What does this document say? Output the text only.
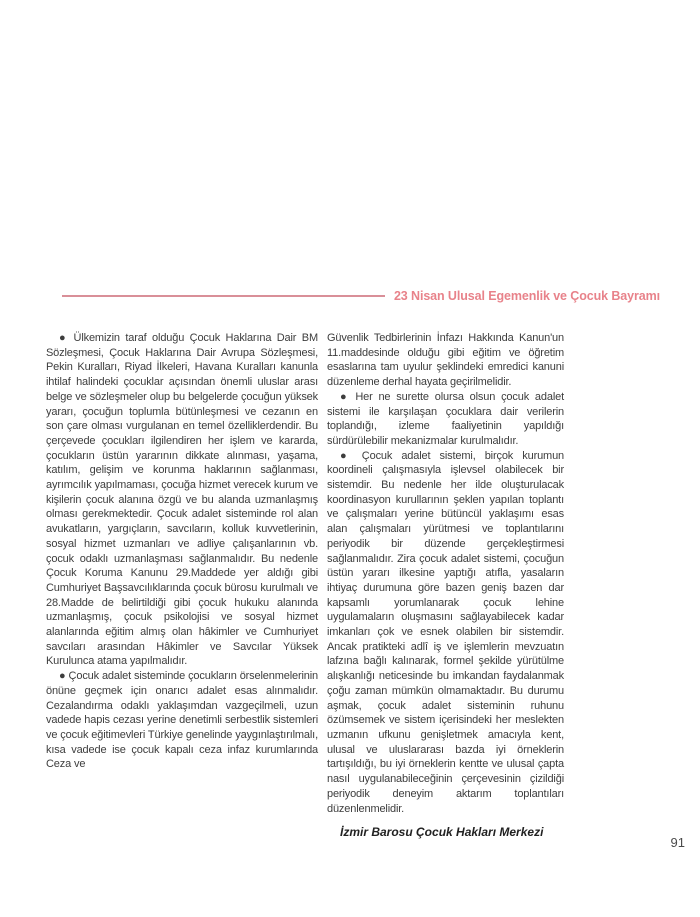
23 Nisan Ulusal Egemenlik ve Çocuk Bayramı

● Ülkemizin taraf olduğu Çocuk Haklarına Dair BM Sözleşmesi, Çocuk Haklarına Dair Avrupa Sözleşmesi, Pekin Kuralları, Riyad İlkeleri, Havana Kuralları kanunla ihtilaf halindeki çocuklar açısından önemli uluslar arası belge ve sözleşmeler olup bu belgelerde çocuğun yüksek yararı, çocuğun toplumla bütünleşmesi ve cezanın en son çare olması vurgulanan en temel özelliklerdendir. Bu çerçevede çocukları ilgilendiren her işlem ve kararda, çocukların üstün yararının dikkate alınması, yaşama, katılım, gelişim ve korunma haklarının sağlanması, ayrımcılık yapılmaması, çocuğa hizmet verecek kurum ve kişilerin çocuk alanına özgü ve bu alanda uzmanlaşmış olması gerekmektedir. Çocuk adalet sisteminde rol alan avukatların, yargıçların, savcıların, kolluk kuvvetlerinin, sosyal hizmet uzmanları ve adliye çalışanlarının vb. çocuk odaklı uzmanlaşması sağlanmalıdır. Bu nedenle Çocuk Koruma Kanunu 29.Maddede yer aldığı gibi Cumhuriyet Başsavcılıklarında çocuk bürosu kurulmalı ve 28.Madde de belirtildiği gibi çocuk hukuku alanında uzmanlaşmış, çocuk psikolojisi ve sosyal hizmet alanlarında eğitim almış olan hâkimler ve Cumhuriyet savcıları arasından Hâkimler ve Savcılar Yüksek Kurulunca atama yapılmalıdır.

● Çocuk adalet sisteminde çocukların örselenmelerinin önüne geçmek için onarıcı adalet esas alınmalıdır. Cezalandırma odaklı yaklaşımdan vazgeçilmeli, uzun vadede hapis cezası yerine denetimli serbestlik sistemleri ve çocuk eğitimevleri Türkiye genelinde yaygınlaştırılmalı, kısa vadede ise çocuk kapalı ceza infaz kurumlarında Ceza ve

Güvenlik Tedbirlerinin İnfazı Hakkında Kanun'un 11.maddesinde olduğu gibi eğitim ve öğretim esaslarına tam uyulur şeklindeki emredici kanuni düzenleme derhal hayata geçirilmelidir.

● Her ne surette olursa olsun çocuk adalet sistemi ile karşılaşan çocuklara dair verilerin toplandığı, izleme faaliyetinin yapıldığı sürdürülebilir mekanizmalar kurulmalıdır.

● Çocuk adalet sistemi, birçok kurumun koordineli çalışmasıyla işlevsel olabilecek bir sistemdir. Bu nedenle her ilde oluşturulacak koordinasyon kurullarının şeklen yapılan toplantı ve çalışmaları yerine bütüncül yaklaşımı esas alan çalışmaları yürütmesi ve toplantılarını periyodik bir düzende gerçekleştirmesi sağlanmalıdır. Zira çocuk adalet sistemi, çocuğun üstün yararı ilkesine yaptığı atıfla, yasaların ihtiyaç durumuna göre bazen geniş bazen dar kapsamlı yorumlanarak çocuk lehine uygulamaların oluşmasını sağlayabilecek kadar imkanları çok ve esnek olabilen bir sistemdir. Ancak pratikteki adlî iş ve işlemlerin mevzuatın lafzına bağlı kalınarak, formel şekilde yürütülme alışkanlığı neticesinde bu imkandan faydalanmak çoğu zaman mümkün olmamaktadır. Bu durumu aşmak, çocuk adalet sisteminin ruhunu özümsemek ve sistem içerisindeki her meslekten uzmanın ufkunu genişletmek amacıyla kent, ulusal ve uluslararası bazda iyi örneklerin tartışıldığı, bu iyi örneklerin kentte ve ulusal çapta nasıl uygulanabileceğinin çerçevesinin çizildiği periyodik deneyim aktarım toplantıları düzenlenmelidir.

İzmir Barosu Çocuk Hakları Merkezi

91
